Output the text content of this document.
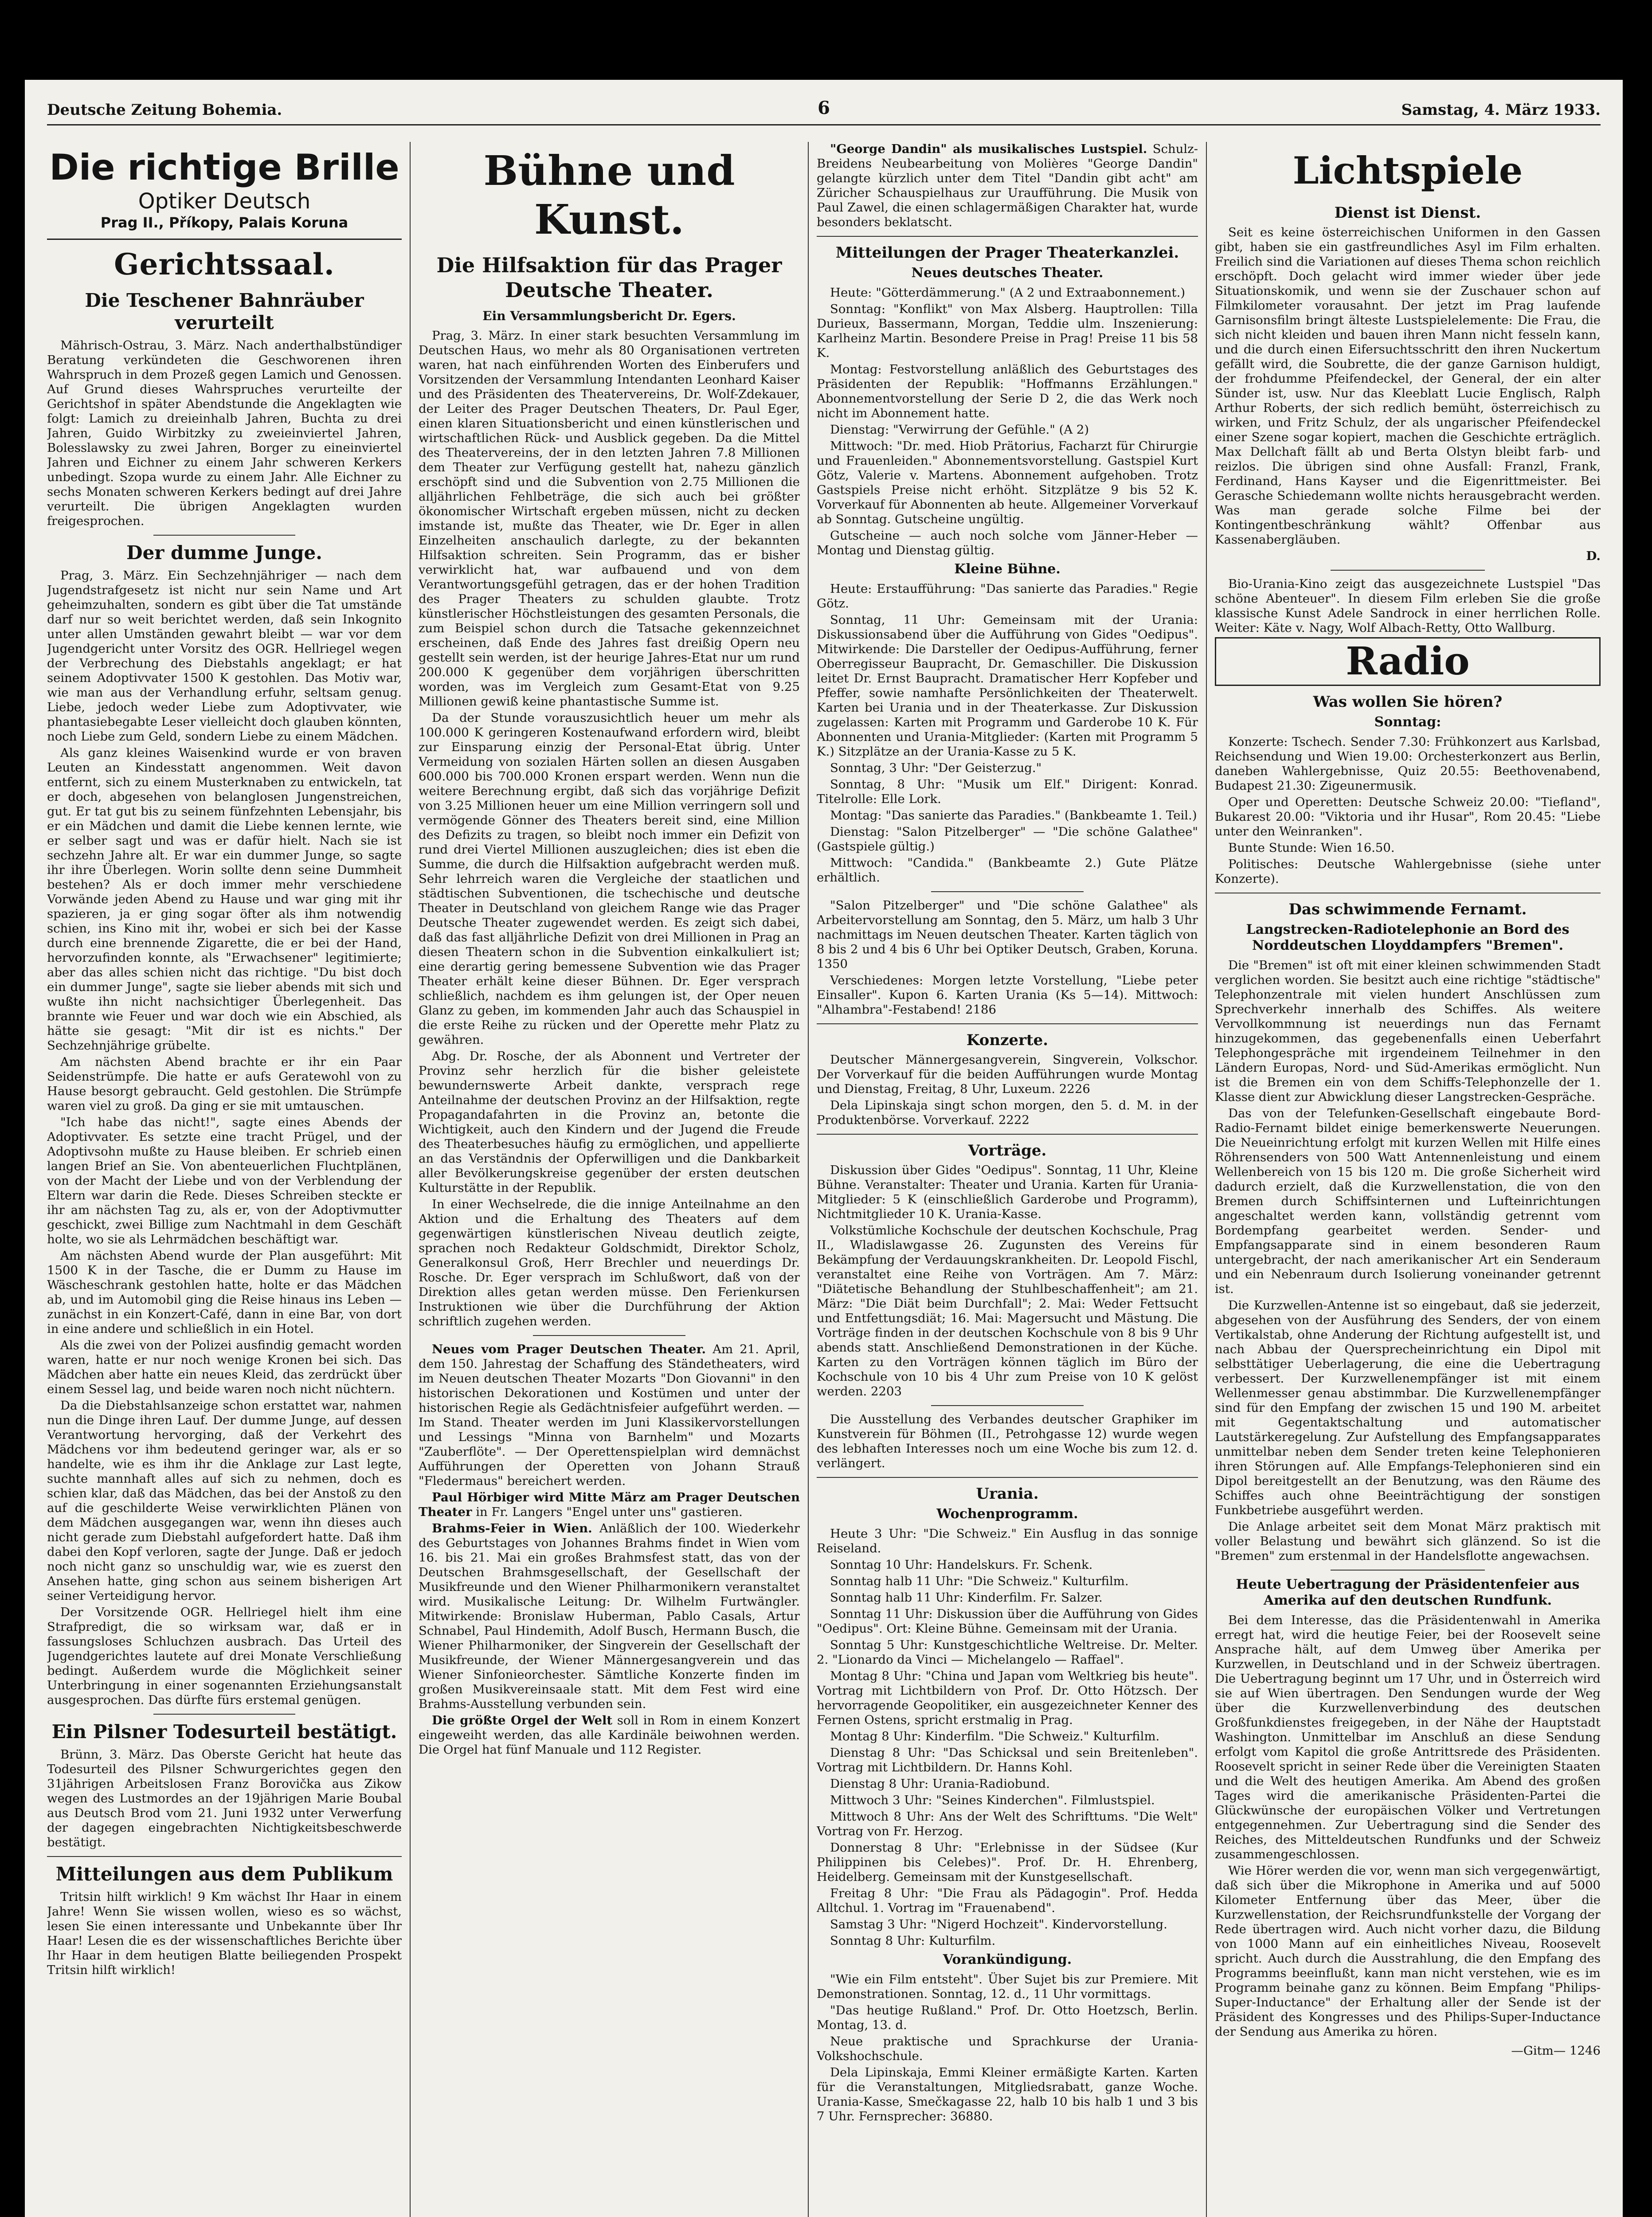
Deutsche Zeitung Bohemia.	6	Samstag, 4. März 1933.
Die richtige Brille
Optiker Deutsch
Prag II., Příkopy, Palais Koruna
Gerichtssaal.
Die Teschener Bahnräuber verurteilt

Mährisch-Ostrau, 3. März. Nach anderthalbstündiger Beratung verkündeten die Geschworenen ihren Wahrspruch in dem Prozeß gegen Lamich und Genossen. Auf Grund dieses Wahrspruches verurteilte der Gerichtshof in später Abendstunde die Angeklagten wie folgt: Lamich zu dreieinhalb Jahren, Buchta zu drei Jahren, Guido Wirbitzky zu zweieinviertel Jahren, Bolesslawsky zu zwei Jahren, Borger zu eineinviertel Jahren und Eichner zu einem Jahr schweren Kerkers unbedingt. Szopa wurde zu einem Jahr. Alle Eichner zu sechs Monaten schweren Kerkers bedingt auf drei Jahre verurteilt. Die übrigen Angeklagten wurden freigesprochen.

Der dumme Junge.

Prag, 3. März. Ein Sechzehnjähriger — nach dem Jugendstrafgesetz ist nicht nur sein Name und Art geheimzuhalten, sondern es gibt über die Tat umstände darf nur so weit berichtet werden, daß sein Inkognito unter allen Umständen gewahrt bleibt — war vor dem Jugendgericht unter Vorsitz des OGR. Hellriegel wegen der Verbrechung des Diebstahls angeklagt; er hat seinem Adoptivvater 1500 K gestohlen. Das Motiv war, wie man aus der Verhandlung erfuhr, seltsam genug. Liebe, jedoch weder Liebe zum Adoptivvater, wie phantasiebegabte Leser vielleicht doch glauben könnten, noch Liebe zum Geld, sondern Liebe zu einem Mädchen.

Als ganz kleines Waisenkind wurde er von braven Leuten an Kindesstatt angenommen. Weit davon entfernt, sich zu einem Musterknaben zu entwickeln, tat er doch, abgesehen von belanglosen Jungenstreichen, gut. Er tat gut bis zu seinem fünfzehnten Lebensjahr, bis er ein Mädchen und damit die Liebe kennen lernte, wie er selber sagt und was er dafür hielt. Nach sie ist sechzehn Jahre alt. Er war ein dummer Junge, so sagte ihr ihre Überlegen. Worin sollte denn seine Dummheit bestehen? Als er doch immer mehr verschiedene Vorwände jeden Abend zu Hause und war ging mit ihr spazieren, ja er ging sogar öfter als ihm notwendig schien, ins Kino mit ihr, wobei er sich bei der Kasse durch eine brennende Zigarette, die er bei der Hand, hervorzufinden konnte, als "Erwachsener" legitimierte; aber das alles schien nicht das richtige. "Du bist doch ein dummer Junge", sagte sie lieber abends mit sich und wußte ihn nicht nachsichtiger Überlegenheit. Das brannte wie Feuer und war doch wie ein Abschied, als hätte sie gesagt: "Mit dir ist es nichts." Der Sechzehnjährige grübelte.

Am nächsten Abend brachte er ihr ein Paar Seidenstrümpfe. Die hatte er aufs Geratewohl von zu Hause besorgt gebraucht. Geld gestohlen. Die Strümpfe waren viel zu groß. Da ging er sie mit umtauschen.

"Ich habe das nicht!", sagte eines Abends der Adoptivvater. Es setzte eine tracht Prügel, und der Adoptivsohn mußte zu Hause bleiben. Er schrieb einen langen Brief an Sie. Von abenteuerlichen Fluchtplänen, von der Macht der Liebe und von der Verblendung der Eltern war darin die Rede. Dieses Schreiben steckte er ihr am nächsten Tag zu, als er, von der Adoptivmutter geschickt, zwei Billige zum Nachtmahl in dem Geschäft holte, wo sie als Lehrmädchen beschäftigt war.

Am nächsten Abend wurde der Plan ausgeführt: Mit 1500 K in der Tasche, die er Dumm zu Hause im Wäscheschrank gestohlen hatte, holte er das Mädchen ab, und im Automobil ging die Reise hinaus ins Leben — zunächst in ein Konzert-Café, dann in eine Bar, von dort in eine andere und schließlich in ein Hotel.

Als die zwei von der Polizei ausfindig gemacht worden waren, hatte er nur noch wenige Kronen bei sich. Das Mädchen aber hatte ein neues Kleid, das zerdrückt über einem Sessel lag, und beide waren noch nicht nüchtern.

Da die Diebstahlsanzeige schon erstattet war, nahmen nun die Dinge ihren Lauf. Der dumme Junge, auf dessen Verantwortung hervorging, daß der Verkehrt des Mädchens vor ihm bedeutend geringer war, als er so handelte, wie es ihm ihr die Anklage zur Last legte, suchte mannhaft alles auf sich zu nehmen, doch es schien klar, daß das Mädchen, das bei der Anstoß zu den auf die geschilderte Weise verwirklichten Plänen von dem Mädchen ausgegangen war, wenn ihn dieses auch nicht gerade zum Diebstahl aufgefordert hatte. Daß ihm dabei den Kopf verloren, sagte der Junge. Daß er jedoch noch nicht ganz so unschuldig war, wie es zuerst den Ansehen hatte, ging schon aus seinem bisherigen Art seiner Verteidigung hervor.

Der Vorsitzende OGR. Hellriegel hielt ihm eine Strafpredigt, die so wirksam war, daß er in fassungsloses Schluchzen ausbrach. Das Urteil des Jugendgerichtes lautete auf drei Monate Verschließung bedingt. Außerdem wurde die Möglichkeit seiner Unterbringung in einer sogenannten Erziehungsanstalt ausgesprochen. Das dürfte fürs erstemal genügen.

Ein Pilsner Todesurteil bestätigt.

Brünn, 3. März. Das Oberste Gericht hat heute das Todesurteil des Pilsner Schwurgerichtes gegen den 31jährigen Arbeitslosen Franz Borovička aus Zikow wegen des Lustmordes an der 19jährigen Marie Boubal aus Deutsch Brod vom 21. Juni 1932 unter Verwerfung der dagegen eingebrachten Nichtigkeitsbeschwerde bestätigt.

Mitteilungen aus dem Publikum

Tritsin hilft wirklich! 9 Km wächst Ihr Haar in einem Jahre! Wenn Sie wissen wollen, wieso es so wächst, lesen Sie einen interessante und Unbekannte über Ihr Haar! Lesen die es der wissenschaftliches Berichte über Ihr Haar in dem heutigen Blatte beiliegenden Prospekt Tritsin hilft wirklich!

Bühne und Kunst.
Die Hilfsaktion für das Prager Deutsche Theater.
Ein Versammlungsbericht Dr. Egers.

Prag, 3. März. In einer stark besuchten Versammlung im Deutschen Haus, wo mehr als 80 Organisationen vertreten waren, hat nach einführenden Worten des Einberufers und Vorsitzenden der Versammlung Intendanten Leonhard Kaiser und des Präsidenten des Theatervereins, Dr. Wolf-Zdekauer, der Leiter des Prager Deutschen Theaters, Dr. Paul Eger, einen klaren Situationsbericht und einen künstlerischen und wirtschaftlichen Rück- und Ausblick gegeben. Da die Mittel des Theatervereins, der in den letzten Jahren 7.8 Millionen dem Theater zur Verfügung gestellt hat, nahezu gänzlich erschöpft sind und die Subvention von 2.75 Millionen die alljährlichen Fehlbeträge, die sich auch bei größter ökonomischer Wirtschaft ergeben müssen, nicht zu decken imstande ist, mußte das Theater, wie Dr. Eger in allen Einzelheiten anschaulich darlegte, zu der bekannten Hilfsaktion schreiten. Sein Programm, das er bisher verwirklicht hat, war aufbauend und von dem Verantwortungsgefühl getragen, das er der hohen Tradition des Prager Theaters zu schulden glaubte. Trotz künstlerischer Höchstleistungen des gesamten Personals, die zum Beispiel schon durch die Tatsache gekennzeichnet erscheinen, daß Ende des Jahres fast dreißig Opern neu gestellt sein werden, ist der heurige Jahres-Etat nur um rund 200.000 K gegenüber dem vorjährigen überschritten worden, was im Vergleich zum Gesamt-Etat von 9.25 Millionen gewiß keine phantastische Summe ist.

Da der Stunde vorauszusichtlich heuer um mehr als 100.000 K geringeren Kostenaufwand erfordern wird, bleibt zur Einsparung einzig der Personal-Etat übrig. Unter Vermeidung von sozialen Härten sollen an diesen Ausgaben 600.000 bis 700.000 Kronen erspart werden. Wenn nun die weitere Berechnung ergibt, daß sich das vorjährige Defizit von 3.25 Millionen heuer um eine Million verringern soll und vermögende Gönner des Theaters bereit sind, eine Million des Defizits zu tragen, so bleibt noch immer ein Defizit von rund drei Viertel Millionen auszugleichen; dies ist eben die Summe, die durch die Hilfsaktion aufgebracht werden muß. Sehr lehrreich waren die Vergleiche der staatlichen und städtischen Subventionen, die tschechische und deutsche Theater in Deutschland von gleichem Range wie das Prager Deutsche Theater zugewendet werden. Es zeigt sich dabei, daß das fast alljährliche Defizit von drei Millionen in Prag an diesen Theatern schon in die Subvention einkalkuliert ist; eine derartig gering bemessene Subvention wie das Prager Theater erhält keine dieser Bühnen. Dr. Eger versprach schließlich, nachdem es ihm gelungen ist, der Oper neuen Glanz zu geben, im kommenden Jahr auch das Schauspiel in die erste Reihe zu rücken und der Operette mehr Platz zu gewähren.

Abg. Dr. Rosche, der als Abonnent und Vertreter der Provinz sehr herzlich für die bisher geleistete bewundernswerte Arbeit dankte, versprach rege Anteilnahme der deutschen Provinz an der Hilfsaktion, regte Propagandafahrten in die Provinz an, betonte die Wichtigkeit, auch den Kindern und der Jugend die Freude des Theaterbesuches häufig zu ermöglichen, und appellierte an das Verständnis der Opferwilligen und die Dankbarkeit aller Bevölkerungskreise gegenüber der ersten deutschen Kulturstätte in der Republik.

In einer Wechselrede, die die innige Anteilnahme an den Aktion und die Erhaltung des Theaters auf dem gegenwärtigen künstlerischen Niveau deutlich zeigte, sprachen noch Redakteur Goldschmidt, Direktor Scholz, Generalkonsul Groß, Herr Brechler und neuerdings Dr. Rosche. Dr. Eger versprach im Schlußwort, daß von der Direktion alles getan werden müsse. Den Ferienkursen Instruktionen wie über die Durchführung der Aktion schriftlich zugehen werden.

Neues vom Prager Deutschen Theater. Am 21. April, dem 150. Jahrestag der Schaffung des Ständetheaters, wird im Neuen deutschen Theater Mozarts "Don Giovanni" in den historischen Dekorationen und Kostümen und unter der historischen Regie als Gedächtnisfeier aufgeführt werden. — Im Stand. Theater werden im Juni Klassikervorstellungen und Lessings "Minna von Barnhelm" und Mozarts "Zauberflöte". — Der Operettenspielplan wird demnächst Aufführungen der Operetten von Johann Strauß "Fledermaus" bereichert werden.

Paul Hörbiger wird Mitte März am Prager Deutschen Theater in Fr. Langers "Engel unter uns" gastieren.

Brahms-Feier in Wien. Anläßlich der 100. Wiederkehr des Geburtstages von Johannes Brahms findet in Wien vom 16. bis 21. Mai ein großes Brahmsfest statt, das von der Deutschen Brahmsgesellschaft, der Gesellschaft der Musikfreunde und den Wiener Philharmonikern veranstaltet wird. Musikalische Leitung: Dr. Wilhelm Furtwängler. Mitwirkende: Bronislaw Huberman, Pablo Casals, Artur Schnabel, Paul Hindemith, Adolf Busch, Hermann Busch, die Wiener Philharmoniker, der Singverein der Gesellschaft der Musikfreunde, der Wiener Männergesangverein und das Wiener Sinfonieorchester. Sämtliche Konzerte finden im großen Musikvereinsaale statt. Mit dem Fest wird eine Brahms-Ausstellung verbunden sein.

Die größte Orgel der Welt soll in Rom in einem Konzert eingeweiht werden, das alle Kardinäle beiwohnen werden. Die Orgel hat fünf Manuale und 112 Register.

"George Dandin" als musikalisches Lustspiel. Schulz-Breidens Neubearbeitung von Molières "George Dandin" gelangte kürzlich unter dem Titel "Dandin gibt acht" am Züricher Schauspielhaus zur Uraufführung. Die Musik von Paul Zawel, die einen schlagermäßigen Charakter hat, wurde besonders beklatscht.

Mitteilungen der Prager Theaterkanzlei.
Neues deutsches Theater.

Heute: "Götterdämmerung." (A 2 und Extraabonnement.)

Sonntag: "Konflikt" von Max Alsberg. Hauptrollen: Tilla Durieux, Bassermann, Morgan, Teddie ulm. Inszenierung: Karlheinz Martin. Besondere Preise in Prag! Preise 11 bis 58 K.

Montag: Festvorstellung anläßlich des Geburtstages des Präsidenten der Republik: "Hoffmanns Erzählungen." Abonnementvorstellung der Serie D 2, die das Werk noch nicht im Abonnement hatte.

Dienstag: "Verwirrung der Gefühle." (A 2)

Mittwoch: "Dr. med. Hiob Prätorius, Facharzt für Chirurgie und Frauenleiden." Abonnementsvorstellung. Gastspiel Kurt Götz, Valerie v. Martens. Abonnement aufgehoben. Trotz Gastspiels Preise nicht erhöht. Sitzplätze 9 bis 52 K. Vorverkauf für Abonnenten ab heute. Allgemeiner Vorverkauf ab Sonntag. Gutscheine ungültig.

Gutscheine — auch noch solche vom Jänner-Heber — Montag und Dienstag gültig.

Kleine Bühne.

Heute: Erstaufführung: "Das sanierte das Paradies." Regie Götz.

Sonntag, 11 Uhr: Gemeinsam mit der Urania: Diskussionsabend über die Aufführung von Gides "Oedipus". Mitwirkende: Die Darsteller der Oedipus-Aufführung, ferner Oberregisseur Baupracht, Dr. Gemaschiller. Die Diskussion leitet Dr. Ernst Baupracht. Dramatischer Herr Kopfeber und Pfeffer, sowie namhafte Persönlichkeiten der Theaterwelt. Karten bei Urania und in der Theaterkasse. Zur Diskussion zugelassen: Karten mit Programm und Garderobe 10 K. Für Abonnenten und Urania-Mitglieder: (Karten mit Programm 5 K.) Sitzplätze an der Urania-Kasse zu 5 K.

Sonntag, 3 Uhr: "Der Geisterzug."

Sonntag, 8 Uhr: "Musik um Elf." Dirigent: Konrad. Titelrolle: Elle Lork.

Montag: "Das sanierte das Paradies." (Bankbeamte 1. Teil.)

Dienstag: "Salon Pitzelberger" — "Die schöne Galathee" (Gastspiele gültig.)

Mittwoch: "Candida." (Bankbeamte 2.) Gute Plätze erhältlich.

"Salon Pitzelberger" und "Die schöne Galathee" als Arbeitervorstellung am Sonntag, den 5. März, um halb 3 Uhr nachmittags im Neuen deutschen Theater. Karten täglich von 8 bis 2 und 4 bis 6 Uhr bei Optiker Deutsch, Graben, Koruna. 1350

Verschiedenes: Morgen letzte Vorstellung, "Liebe peter Einsaller". Kupon 6. Karten Urania (Ks 5—14). Mittwoch: "Alhambra"-Festabend! 2186

Konzerte.

Deutscher Männergesangverein, Singverein, Volkschor. Der Vorverkauf für die beiden Aufführungen wurde Montag und Dienstag, Freitag, 8 Uhr, Luxeum. 2226

Dela Lipinskaja singt schon morgen, den 5. d. M. in der Produktenbörse. Vorverkauf. 2222

Vorträge.

Diskussion über Gides "Oedipus". Sonntag, 11 Uhr, Kleine Bühne. Veranstalter: Theater und Urania. Karten für Urania-Mitglieder: 5 K (einschließlich Garderobe und Programm), Nichtmitglieder 10 K. Urania-Kasse.

Volkstümliche Kochschule der deutschen Kochschule, Prag II., Wladislawgasse 26. Zugunsten des Vereins für Bekämpfung der Verdauungskrankheiten. Dr. Leopold Fischl, veranstaltet eine Reihe von Vorträgen. Am 7. März: "Diätetische Behandlung der Stuhlbeschaffenheit"; am 21. März: "Die Diät beim Durchfall"; 2. Mai: Weder Fettsucht und Entfettungsdiät; 16. Mai: Magersucht und Mästung. Die Vorträge finden in der deutschen Kochschule von 8 bis 9 Uhr abends statt. Anschließend Demonstrationen in der Küche. Karten zu den Vorträgen können täglich im Büro der Kochschule von 10 bis 4 Uhr zum Preise von 10 K gelöst werden. 2203

Die Ausstellung des Verbandes deutscher Graphiker im Kunstverein für Böhmen (II., Petrohgasse 12) wurde wegen des lebhaften Interesses noch um eine Woche bis zum 12. d. verlängert.

Urania.
Wochenprogramm.

Heute 3 Uhr: "Die Schweiz." Ein Ausflug in das sonnige Reiseland.

Sonntag 10 Uhr: Handelskurs. Fr. Schenk.

Sonntag halb 11 Uhr: "Die Schweiz." Kulturfilm.

Sonntag halb 11 Uhr: Kinderfilm. Fr. Salzer.

Sonntag 11 Uhr: Diskussion über die Aufführung von Gides "Oedipus". Ort: Kleine Bühne. Gemeinsam mit der Urania.

Sonntag 5 Uhr: Kunstgeschichtliche Weltreise. Dr. Melter. 2. "Lionardo da Vinci — Michelangelo — Raffael".

Montag 8 Uhr: "China und Japan vom Weltkrieg bis heute". Vortrag mit Lichtbildern von Prof. Dr. Otto Hötzsch. Der hervorragende Geopolitiker, ein ausgezeichneter Kenner des Fernen Ostens, spricht erstmalig in Prag.

Montag 8 Uhr: Kinderfilm. "Die Schweiz." Kulturfilm.

Dienstag 8 Uhr: "Das Schicksal und sein Breitenleben". Vortrag mit Lichtbildern. Dr. Hanns Kohl.

Dienstag 8 Uhr: Urania-Radiobund.

Mittwoch 3 Uhr: "Seines Kinderchen". Filmlustspiel.

Mittwoch 8 Uhr: Ans der Welt des Schrifttums. "Die Welt" Vortrag von Fr. Herzog.

Donnerstag 8 Uhr: "Erlebnisse in der Südsee (Kur Philippinen bis Celebes)". Prof. Dr. H. Ehrenberg, Heidelberg. Gemeinsam mit der Kunstgesellschaft.

Freitag 8 Uhr: "Die Frau als Pädagogin". Prof. Hedda Alltchul. 1. Vortrag im "Frauenabend".

Samstag 3 Uhr: "Nigerd Hochzeit". Kindervorstellung.

Sonntag 8 Uhr: Kulturfilm.

Vorankündigung.

"Wie ein Film entsteht". Über Sujet bis zur Premiere. Mit Demonstrationen. Sonntag, 12. d., 11 Uhr vormittags.

"Das heutige Rußland." Prof. Dr. Otto Hoetzsch, Berlin. Montag, 13. d.

Neue praktische und Sprachkurse der Urania-Volkshochschule.

Dela Lipinskaja, Emmi Kleiner ermäßigte Karten. Karten für die Veranstaltungen, Mitgliedsrabatt, ganze Woche. Urania-Kasse, Smečkagasse 22, halb 10 bis halb 1 und 3 bis 7 Uhr. Fernsprecher: 36880.

Lichtspiele
Dienst ist Dienst.

Seit es keine österreichischen Uniformen in den Gassen gibt, haben sie ein gastfreundliches Asyl im Film erhalten. Freilich sind die Variationen auf dieses Thema schon reichlich erschöpft. Doch gelacht wird immer wieder über jede Situationskomik, und wenn sie der Zuschauer schon auf Filmkilometer vorausahnt. Der jetzt im Prag laufende Garnisonsfilm bringt älteste Lustspielelemente: Die Frau, die sich nicht kleiden und bauen ihren Mann nicht fesseln kann, und die durch einen Eifersuchtsschritt den ihren Nuckertum gefällt wird, die Soubrette, die der ganze Garnison huldigt, der frohdumme Pfeifendeckel, der General, der ein alter Sünder ist, usw. Nur das Kleeblatt Lucie Englisch, Ralph Arthur Roberts, der sich redlich bemüht, österreichisch zu wirken, und Fritz Schulz, der als ungarischer Pfeifendeckel einer Szene sogar kopiert, machen die Geschichte erträglich. Max Dellchaft fällt ab und Berta Olstyn bleibt farb- und reizlos. Die übrigen sind ohne Ausfall: Franzl, Frank, Ferdinand, Hans Kayser und die Eigenrittmeister. Bei Gerasche Schiedemann wollte nichts herausgebracht werden. Was man gerade solche Filme bei der Kontingentbeschränkung wählt? Offenbar aus Kassenabergläuben.

D.

Bio-Urania-Kino zeigt das ausgezeichnete Lustspiel "Das schöne Abenteuer". In diesem Film erleben Sie die große klassische Kunst Adele Sandrock in einer herrlichen Rolle. Weiter: Käte v. Nagy, Wolf Albach-Retty, Otto Wallburg.

Radio
Was wollen Sie hören?
Sonntag:

Konzerte: Tschech. Sender 7.30: Frühkonzert aus Karlsbad, Reichsendung und Wien 19.00: Orchesterkonzert aus Berlin, daneben Wahlergebnisse, Quiz 20.55: Beethovenabend, Budapest 21.30: Zigeunermusik.

Oper und Operetten: Deutsche Schweiz 20.00: "Tiefland", Bukarest 20.00: "Viktoria und ihr Husar", Rom 20.45: "Liebe unter den Weinranken".

Bunte Stunde: Wien 16.50.

Politisches: Deutsche Wahlergebnisse (siehe unter Konzerte).

Das schwimmende Fernamt.
Langstrecken-Radiotelephonie an Bord des Norddeutschen Lloyddampfers "Bremen".

Die "Bremen" ist oft mit einer kleinen schwimmenden Stadt verglichen worden. Sie besitzt auch eine richtige "städtische" Telephonzentrale mit vielen hundert Anschlüssen zum Sprechverkehr innerhalb des Schiffes. Als weitere Vervollkommnung ist neuerdings nun das Fernamt hinzugekommen, das gegebenenfalls einen Ueberfahrt Telephongespräche mit irgendeinem Teilnehmer in den Ländern Europas, Nord- und Süd-Amerikas ermöglicht. Nun ist die Bremen ein von dem Schiffs-Telephonzelle der 1. Klasse dient zur Abwicklung dieser Langstrecken-Gespräche.

Das von der Telefunken-Gesellschaft eingebaute Bord-Radio-Fernamt bildet einige bemerkenswerte Neuerungen. Die Neueinrichtung erfolgt mit kurzen Wellen mit Hilfe eines Röhrensenders von 500 Watt Antennenleistung und einem Wellenbereich von 15 bis 120 m. Die große Sicherheit wird dadurch erzielt, daß die Kurzwellenstation, die von den Bremen durch Schiffsinternen und Lufteinrichtungen angeschaltet werden kann, vollständig getrennt vom Bordempfang gearbeitet werden. Sender- und Empfangsapparate sind in einem besonderen Raum untergebracht, der nach amerikanischer Art ein Senderaum und ein Nebenraum durch Isolierung voneinander getrennt ist.

Die Kurzwellen-Antenne ist so eingebaut, daß sie jederzeit, abgesehen von der Ausführung des Senders, der von einem Vertikalstab, ohne Anderung der Richtung aufgestellt ist, und nach Abbau der Quersprecheinrichtung ein Dipol mit selbsttätiger Ueberlagerung, die eine die Uebertragung verbessert. Der Kurzwellenempfänger ist mit einem Wellenmesser genau abstimmbar. Die Kurzwellenempfänger sind für den Empfang der zwischen 15 und 190 M. arbeitet mit Gegentaktschaltung und automatischer Lautstärkeregelung. Zur Aufstellung des Empfangsapparates unmittelbar neben dem Sender treten keine Telephonieren ihren Störungen auf. Alle Empfangs-Telephonieren sind ein Dipol bereitgestellt an der Benutzung, was den Räume des Schiffes auch ohne Beeinträchtigung der sonstigen Funkbetriebe ausgeführt werden.

Die Anlage arbeitet seit dem Monat März praktisch mit voller Belastung und bewährt sich glänzend. So ist die "Bremen" zum erstenmal in der Handelsflotte angewachsen.

Heute Uebertragung der Präsidentenfeier aus Amerika auf den deutschen Rundfunk.

Bei dem Interesse, das die Präsidentenwahl in Amerika erregt hat, wird die heutige Feier, bei der Roosevelt seine Ansprache hält, auf dem Umweg über Amerika per Kurzwellen, in Deutschland und in der Schweiz übertragen. Die Uebertragung beginnt um 17 Uhr, und in Österreich wird sie auf Wien übertragen. Den Sendungen wurde der Weg über die Kurzwellenverbindung des deutschen Großfunkdienstes freigegeben, in der Nähe der Hauptstadt Washington. Unmittelbar im Anschluß an diese Sendung erfolgt vom Kapitol die große Antrittsrede des Präsidenten. Roosevelt spricht in seiner Rede über die Vereinigten Staaten und die Welt des heutigen Amerika. Am Abend des großen Tages wird die amerikanische Präsidenten-Partei die Glückwünsche der europäischen Völker und Vertretungen entgegennehmen. Zur Uebertragung sind die Sender des Reiches, des Mitteldeutschen Rundfunks und der Schweiz zusammengeschlossen.

Wie Hörer werden die vor, wenn man sich vergegenwärtigt, daß sich über die Mikrophone in Amerika und auf 5000 Kilometer Entfernung über das Meer, über die Kurzwellenstation, der Reichsrundfunkstelle der Vorgang der Rede übertragen wird. Auch nicht vorher dazu, die Bildung von 1000 Mann auf ein einheitliches Niveau, Roosevelt spricht. Auch durch die Ausstrahlung, die den Empfang des Programms beeinflußt, kann man nicht verstehen, wie es im Programm beinahe ganz zu können. Beim Empfang "Philips-Super-Inductance" der Erhaltung aller der Sende ist der Präsident des Kongresses und des Philips-Super-Inductance der Sendung aus Amerika zu hören.

—Gitm— 1246
